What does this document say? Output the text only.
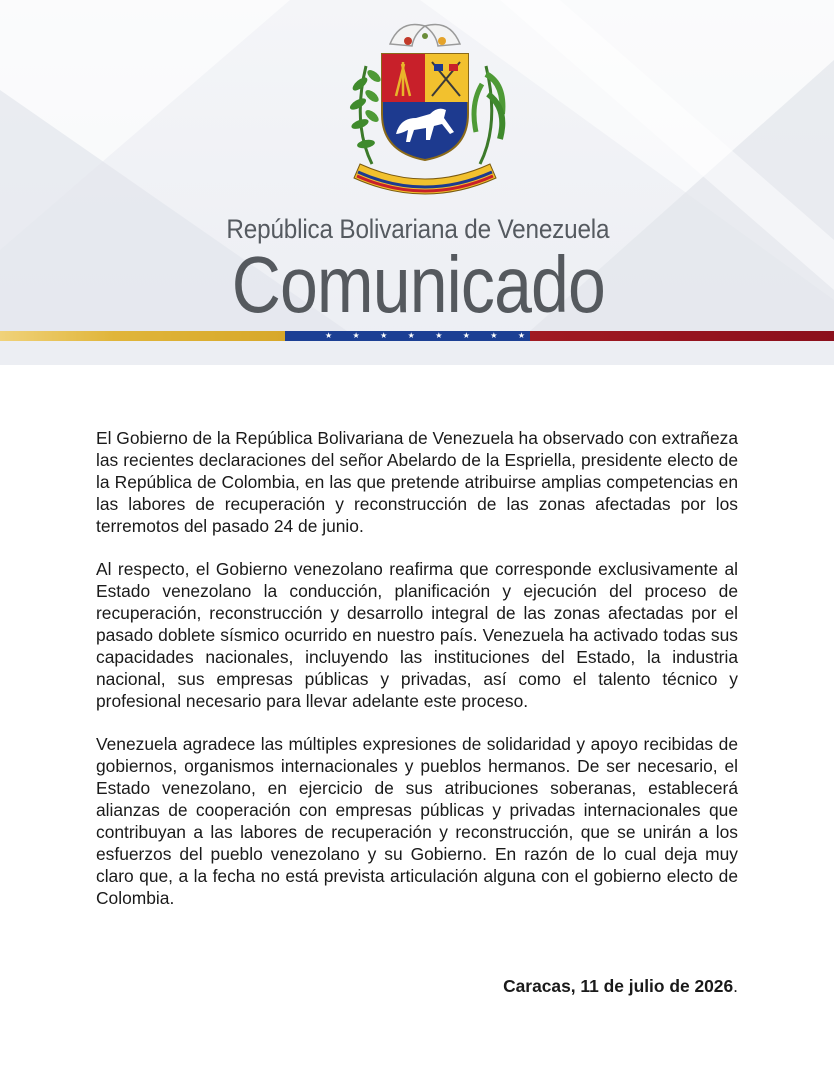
República Bolivariana de Venezuela
Comunicado
★	★	★	★	★	★	★	★

El Gobierno de la República Bolivariana de Venezuela ha observado con extrañeza las recientes declaraciones del señor Abelardo de la Espriella, presidente electo de la República de Colombia, en las que pretende atribuirse amplias competencias en las labores de recuperación y reconstrucción de las zonas afectadas por los terremotos del pasado 24 de junio.

Al respecto, el Gobierno venezolano reafirma que corresponde exclusivamente al Estado venezolano la conducción, planificación y ejecución del proceso de recuperación, reconstrucción y desarrollo integral de las zonas afectadas por el pasado doblete sísmico ocurrido en nuestro país. Venezuela ha activado todas sus capacidades nacionales, incluyendo las instituciones del Estado, la industria nacional, sus empresas públicas y privadas, así como el talento técnico y profesional necesario para llevar adelante este proceso.

Venezuela agradece las múltiples expresiones de solidaridad y apoyo recibidas de gobiernos, organismos internacionales y pueblos hermanos. De ser necesario, el Estado venezolano, en ejercicio de sus atribuciones soberanas, establecerá alianzas de cooperación con empresas públicas y privadas internacionales que contribuyan a las labores de recuperación y reconstrucción, que se unirán a los esfuerzos del pueblo venezolano y su Gobierno. En razón de lo cual deja muy claro que, a la fecha no está prevista articulación alguna con el gobierno electo de Colombia.

Caracas, 11 de julio de 2026.
